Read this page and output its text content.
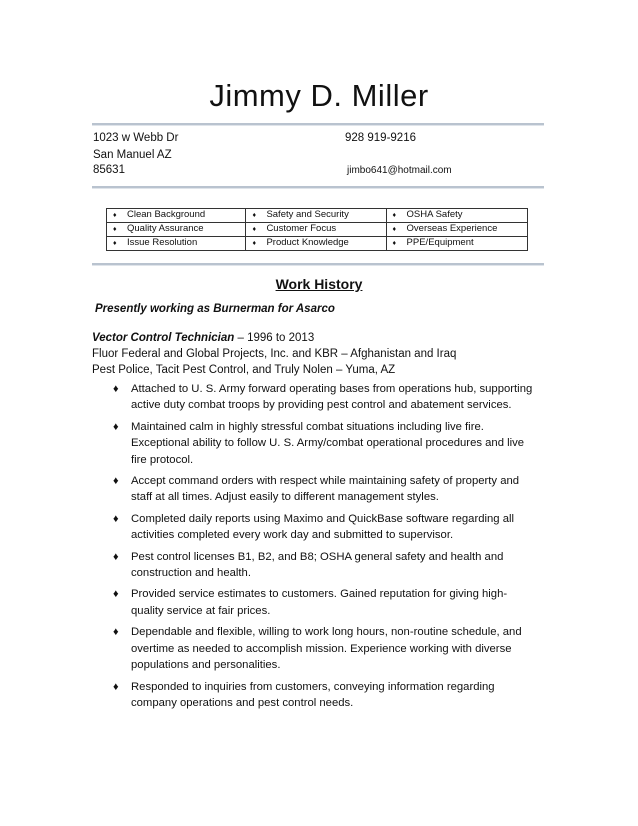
Jimmy D. Miller
1023 w Webb Dr
San Manuel AZ
85631
928 919-9216
jimbo641@hotmail.com
♦ Clean Background	♦ Safety and Security	♦ OSHA Safety
♦ Quality Assurance	♦ Customer Focus	♦ Overseas Experience
♦ Issue Resolution	♦ Product Knowledge	♦ PPE/Equipment
Work History
Presently working as Burnerman for Asarco
Vector Control Technician – 1996 to 2013
Fluor Federal and Global Projects, Inc. and KBR – Afghanistan and Iraq
Pest Police, Tacit Pest Control, and Truly Nolen – Yuma, AZ
♦ Attached to U. S. Army forward operating bases from operations hub, supporting active duty combat troops by providing pest control and abatement services.
♦ Maintained calm in highly stressful combat situations including live fire. Exceptional ability to follow U. S. Army/combat operational procedures and live fire protocol.
♦ Accept command orders with respect while maintaining safety of property and staff at all times. Adjust easily to different management styles.
♦ Completed daily reports using Maximo and QuickBase software regarding all activities completed every work day and submitted to supervisor.
♦ Pest control licenses B1, B2, and B8; OSHA general safety and health and construction and health.
♦ Provided service estimates to customers. Gained reputation for giving high-quality service at fair prices.
♦ Dependable and flexible, willing to work long hours, non-routine schedule, and overtime as needed to accomplish mission. Experience working with diverse populations and personalities.
♦ Responded to inquiries from customers, conveying information regarding company operations and pest control needs.
